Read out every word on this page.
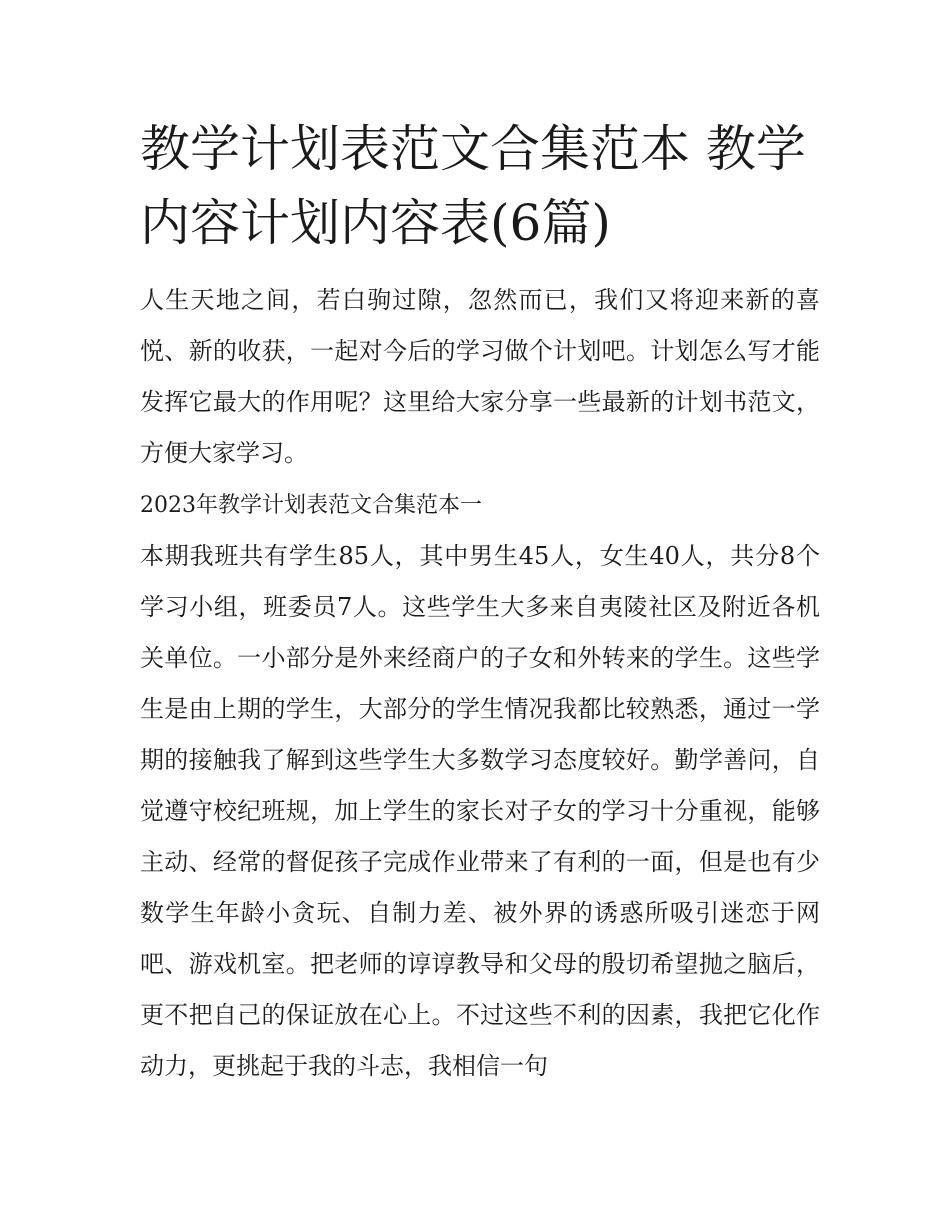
教学计划表范文合集范本 教学内容计划内容表(6篇)

人生天地之间，若白驹过隙，忽然而已，我们又将迎来新的喜悦、新的收获，一起对今后的学习做个计划吧。计划怎么写才能发挥它最大的作用呢？这里给大家分享一些最新的计划书范文，方便大家学习。

2023年教学计划表范文合集范本一

本期我班共有学生85人，其中男生45人，女生40人，共分8个学习小组，班委员7人。这些学生大多来自夷陵社区及附近各机关单位。一小部分是外来经商户的子女和外转来的学生。这些学生是由上期的学生，大部分的学生情况我都比较熟悉，通过一学期的接触我了解到这些学生大多数学习态度较好。勤学善问，自觉遵守校纪班规，加上学生的家长对子女的学习十分重视，能够主动、经常的督促孩子完成作业带来了有利的一面，但是也有少数学生年龄小贪玩、自制力差、被外界的诱惑所吸引迷恋于网吧、游戏机室。把老师的谆谆教导和父母的殷切希望抛之脑后，更不把自己的保证放在心上。不过这些不利的因素，我把它化作动力，更挑起于我的斗志，我相信一句
